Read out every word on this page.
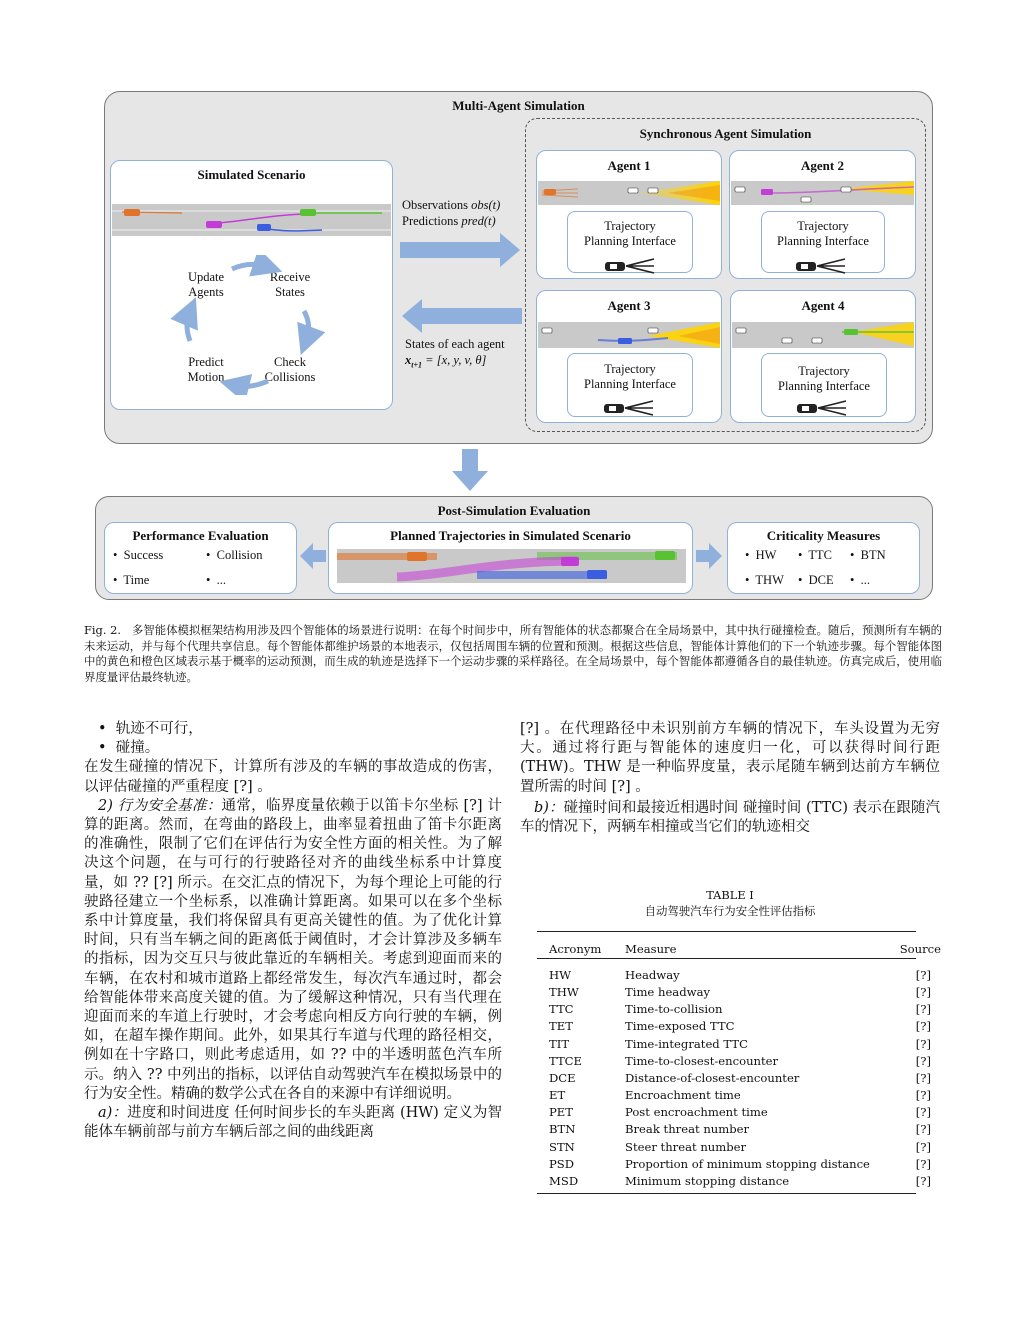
Multi-Agent Simulation
Synchronous Agent Simulation
Simulated Scenario
Update
Agents
Receive
States
Predict
Motion
Check
Collisions
Observations obs(t)
Predictions pred(t)
States of each agent
$x_{t+1} = [x$, y, v, θ]
Agent 1
Trajectory
Planning Interface
Agent 2
Trajectory
Planning Interface
Agent 3
Trajectory
Planning Interface
Agent 4
Trajectory
Planning Interface
Post-Simulation Evaluation
Performance Evaluation
•  Success	•  Collision
•  Time	•  ...
Planned Trajectories in Simulated Scenario	Criticality Measures
•  HW •  TTC •  BTN
•  THW •  DCE •  ...
Fig. 2. 多智能体模拟框架结构用涉及四个智能体的场景进行说明：在每个时间步中，所有智能体的状态都聚合在全局场景中，其中执行碰撞检查。随后，预测所有车辆的未来运动，并与每个代理共享信息。每个智能体都维护场景的本地表示，仅包括周围车辆的位置和预测。根据这些信息，智能体计算他们的下一个轨迹步骤。每个智能体图中的黄色和橙色区域表示基于概率的运动预测，而生成的轨迹是选择下一个运动步骤的采样路径。在全局场景中，每个智能体都遵循各自的最佳轨迹。仿真完成后，使用临界度量评估最终轨迹。
•  轨迹不可行，
•  碰撞。
在发生碰撞的情况下，计算所有涉及的车辆的事故造成的伤害，以评估碰撞的严重程度 [?] 。
2) 行为安全基准：通常，临界度量依赖于以笛卡尔坐标 [?] 计算的距离。然而，在弯曲的路段上，曲率显着扭曲了笛卡尔距离的准确性，限制了它们在评估行为安全性方面的相关性。为了解决这个问题，在与可行的行驶路径对齐的曲线坐标系中计算度量，如 ?? [?] 所示。在交汇点的情况下，为每个理论上可能的行驶路径建立一个坐标系，以准确计算距离。如果可以在多个坐标系中计算度量，我们将保留具有更高关键性的值。为了优化计算时间，只有当车辆之间的距离低于阈值时，才会计算涉及多辆车的指标，因为交互只与彼此靠近的车辆相关。考虑到迎面而来的车辆，在农村和城市道路上都经常发生，每次汽车通过时，都会给智能体带来高度关键的值。为了缓解这种情况，只有当代理在迎面而来的车道上行驶时，才会考虑向相反方向行驶的车辆，例如，在超车操作期间。此外，如果其行车道与代理的路径相交，例如在十字路口，则此考虑适用，如 ?? 中的半透明蓝色汽车所示。纳入 ?? 中列出的指标，以评估自动驾驶汽车在模拟场景中的行为安全性。精确的数学公式在各自的来源中有详细说明。
a)：进度和时间进度 任何时间步长的车头距离 (HW) 定义为智能体车辆前部与前方车辆后部之间的曲线距离
[?] 。在代理路径中未识别前方车辆的情况下，车头设置为无穷大。通过将行距与智能体的速度归一化，可以获得时间行距 (THW)。THW 是一种临界度量，表示尾随车辆到达前方车辆位置所需的时间 [?] 。
b)：碰撞时间和最接近相遇时间 碰撞时间 (TTC) 表示在跟随汽车的情况下，两辆车相撞或当它们的轨迹相交
TABLE I
自动驾驶汽车行为安全性评估指标
Acronym	Measure	Source
HW	Headway	[?]
THW	Time headway	[?]
TTC	Time-to-collision	[?]
TET	Time-exposed TTC	[?]
TIT	Time-integrated TTC	[?]
TTCE	Time-to-closest-encounter	[?]
DCE	Distance-of-closest-encounter	[?]
ET	Encroachment time	[?]
PET	Post encroachment time	[?]
BTN	Break threat number	[?]
STN	Steer threat number	[?]
PSD	Proportion of minimum stopping distance	[?]
MSD	Minimum stopping distance	[?]
